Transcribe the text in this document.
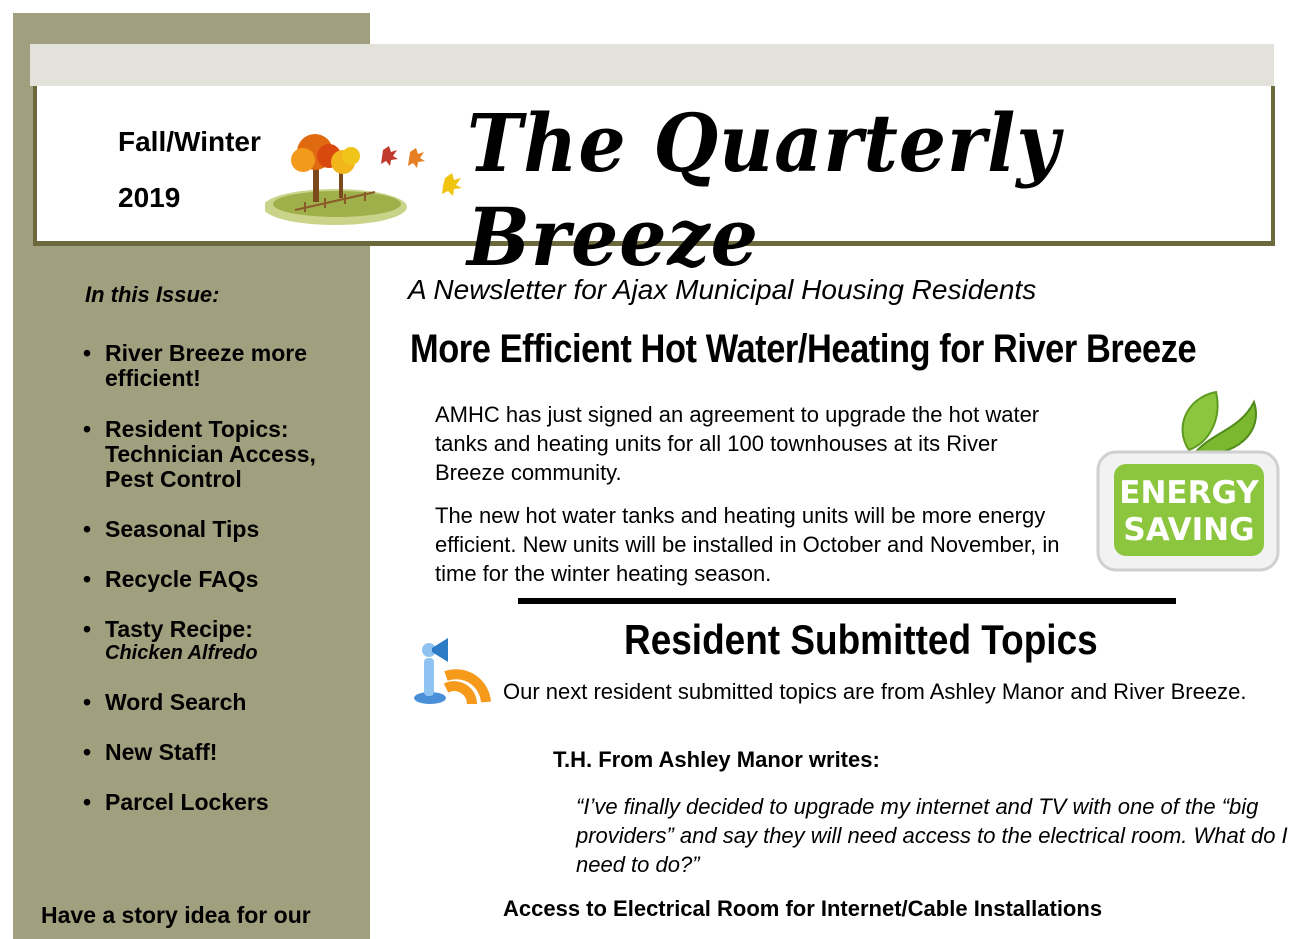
Fall/Winter
2019
The Quarterly Breeze
In this Issue:
• River Breeze more efficient!
• Resident Topics: Technician Access, Pest Control
• Seasonal Tips
• Recycle FAQs
• Tasty Recipe:
Chicken Alfredo
• Word Search
• New Staff!
• Parcel Lockers
Have a story idea for our
A Newsletter for Ajax Municipal Housing Residents
More Efficient Hot Water/Heating for River Breeze

AMHC has just signed an agreement to upgrade the hot water tanks and heating units for all 100 townhouses at its River Breeze community.

The new hot water tanks and heating units will be more energy efficient. New units will be installed in October and November, in time for the winter heating season.

ENERGY
SAVING
Resident Submitted Topics

Our next resident submitted topics are from Ashley Manor and River Breeze.

T.H. From Ashley Manor writes:

“I’ve finally decided to upgrade my internet and TV with one of the “big providers” and say they will need access to the electrical room. What do I need to do?”

Access to Electrical Room for Internet/Cable Installations
